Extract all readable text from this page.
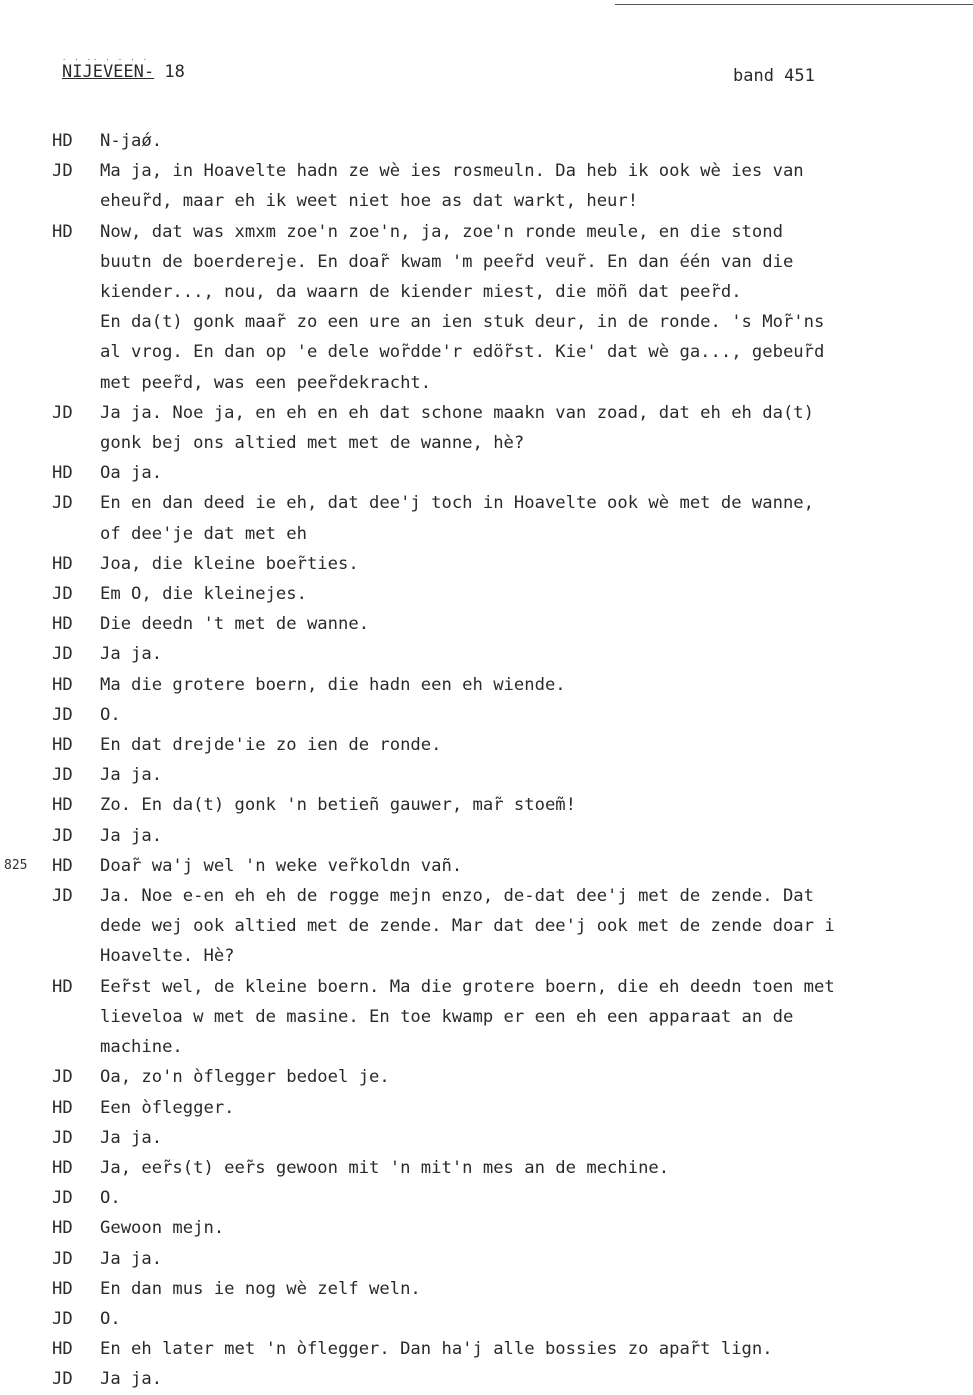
· · ·· · · · ·
NIJEVEEN- 18	band 451
HD	N-jaǿ.
JD	Ma ja, in Hoavelte hadn ze wè ies rosmeuln. Da heb ik ook wè ies van
eheur̃d, maar eh ik weet niet hoe as dat warkt, heur!
HD	Now, dat was xmxm zoe'n zoe'n, ja, zoe'n ronde meule, en die stond
buutn de boerdereje. En doar̃ kwam 'm peer̃d veur̃. En dan één van die
kiender..., nou, da waarn de kiender miest, die möñ dat peer̃d.
En da(t) gonk maar̃ zo een ure an ien stuk deur, in de ronde. 's Mor̃'ns
al vrog. En dan op 'e dele wor̃dde'r edör̃st. Kie' dat wè ga..., gebeur̃d
met peer̃d, was een peer̃dekracht.
JD	Ja ja. Noe ja, en eh en eh dat schone maakn van zoad, dat eh eh da(t)
gonk bej ons altied met met de wanne, hè?
HD	Oa ja.
JD	En en dan deed ie eh, dat dee'j toch in Hoavelte ook wè met de wanne,
of dee'je dat met eh
HD	Joa, die kleine boer̃ties.
JD	Em O, die kleinejes.
HD	Die deedn 't met de wanne.
JD	Ja ja.
HD	Ma die grotere boern, die hadn een eh wiende.
JD	O.
HD	En dat drejde'ie zo ien de ronde.
JD	Ja ja.
HD	Zo. En da(t) gonk 'n betieñ gauwer, mar̃ stoem̃!
JD	Ja ja.
825	HD	Doar̃ wa'j wel 'n weke ver̃koldn vañ.
JD	Ja. Noe e-en eh eh de rogge mejn enzo, de-dat dee'j met de zende. Dat
dede wej ook altied met de zende. Mar dat dee'j ook met de zende doar i
Hoavelte. Hè?
HD	Eer̃st wel, de kleine boern. Ma die grotere boern, die eh deedn toen met
lieveloa w met de masine. En toe kwamp er een eh een apparaat an de
machine.
JD	Oa, zo'n òflegger bedoel je.
HD	Een òflegger.
JD	Ja ja.
HD	Ja, eer̃s(t) eer̃s gewoon mit 'n mit'n mes an de mechine.
JD	O.
HD	Gewoon mejn.
JD	Ja ja.
HD	En dan mus ie nog wè zelf weln.
JD	O.
HD	En eh later met 'n òflegger. Dan ha'j alle bossies zo apar̃t lign.
JD	Ja ja.
